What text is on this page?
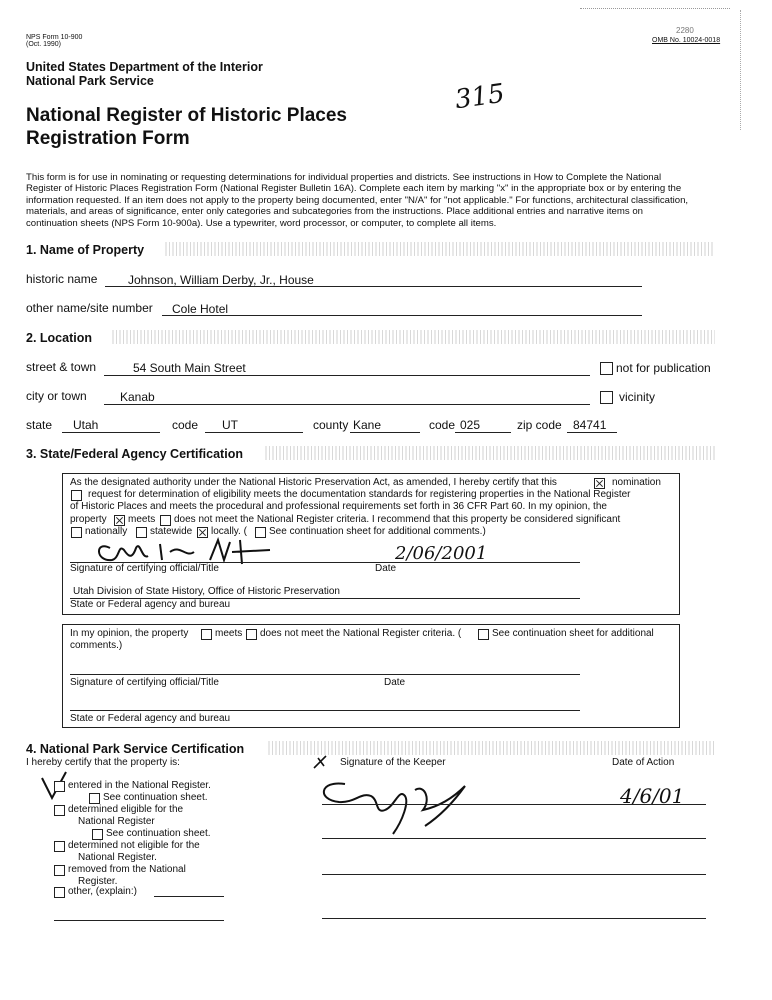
NPS Form 10-900
(Oct. 1990)
2280
OMB No. 10024-0018
United States Department of the Interior
National Park Service
National Register of Historic Places
Registration Form
315
This form is for use in nominating or requesting determinations for individual properties and districts. See instructions in How to Complete the National
Register of Historic Places Registration Form (National Register Bulletin 16A). Complete each item by marking "x" in the appropriate box or by entering the
information requested. If an item does not apply to the property being documented, enter "N/A" for "not applicable." For functions, architectural classification,
materials, and areas of significance, enter only categories and subcategories from the instructions. Place additional entries and narrative items on
continuation sheets (NPS Form 10-900a). Use a typewriter, word processor, or computer, to complete all items.
1. Name of Property
historic name	Johnson, William Derby, Jr., House
other name/site number Cole Hotel
2. Location
street & town	54 South Main Street	not for publication
city or town	Kanab	vicinity
state Utah	code UT	county Kane	code 025	zip code 84741
3. State/Federal Agency Certification
As the designated authority under the National Historic Preservation Act, as amended, I hereby certify that this	nomination
request for determination of eligibility meets the documentation standards for registering properties in the National Register
of Historic Places and meets the procedural and professional requirements set forth in 36 CFR Part 60. In my opinion, the
property meets does not meet the National Register criteria. I recommend that this property be considered significant
nationally statewide locally. ( See continuation sheet for additional comments.)
2/06/2001
Signature of certifying official/Title	Date
Utah Division of State History, Office of Historic Preservation
State or Federal agency and bureau
In my opinion, the property	meets does not meet the National Register criteria. (	See continuation sheet for additional
comments.)
Signature of certifying official/Title	Date
State or Federal agency and bureau
4. National Park Service Certification
I hereby certify that the property is:
entered in the National Register.
See continuation sheet.
determined eligible for the
National Register
See continuation sheet.
determined not eligible for the
National Register.
removed from the National
Register.
other, (explain:)
Signature of the Keeper	Date of Action
4/6/01
